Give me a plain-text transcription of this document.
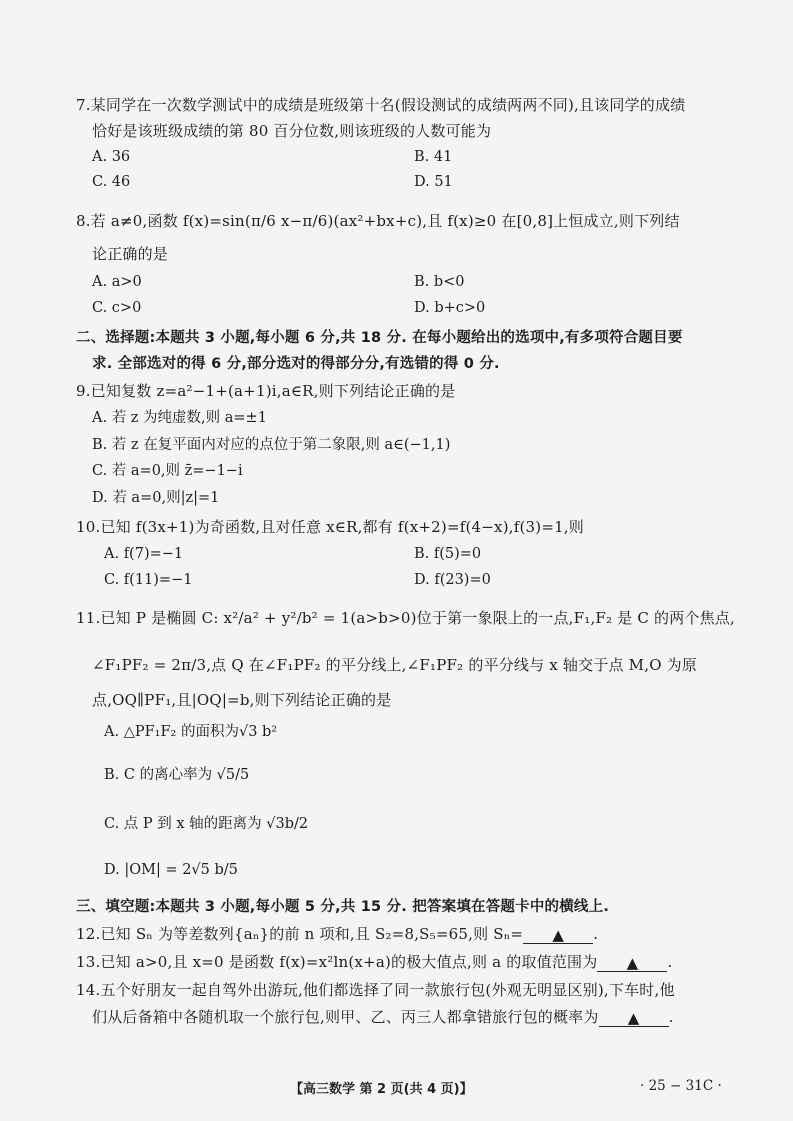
7.某同学在一次数学测试中的成绩是班级第十名(假设测试的成绩两两不同),且该同学的成绩
恰好是该班级成绩的第 80 百分位数,则该班级的人数可能为
A. 36	B. 41
C. 46	D. 51
8.若 a≠0,函数 f(x)=sin(π/6 x−π/6)(ax²+bx+c),且 f(x)≥0 在[0,8]上恒成立,则下列结
论正确的是
A. a>0	B. b<0
C. c>0	D. b+c>0
二、选择题:本题共 3 小题,每小题 6 分,共 18 分. 在每小题给出的选项中,有多项符合题目要
求. 全部选对的得 6 分,部分选对的得部分分,有选错的得 0 分.
9.已知复数 z=a²−1+(a+1)i,a∈R,则下列结论正确的是
A. 若 z 为纯虚数,则 a=±1
B. 若 z 在复平面内对应的点位于第二象限,则 a∈(−1,1)
C. 若 a=0,则 z̄=−1−i
D. 若 a=0,则|z|=1
10.已知 f(3x+1)为奇函数,且对任意 x∈R,都有 f(x+2)=f(4−x),f(3)=1,则
A. f(7)=−1	B. f(5)=0
C. f(11)=−1	D. f(23)=0
11.已知 P 是椭圆 C: x²/a² + y²/b² = 1(a>b>0)位于第一象限上的一点,F₁,F₂ 是 C 的两个焦点,
∠F₁PF₂ = 2π/3,点 Q 在∠F₁PF₂ 的平分线上,∠F₁PF₂ 的平分线与 x 轴交于点 M,O 为原
点,OQ∥PF₁,且|OQ|=b,则下列结论正确的是
A. △PF₁F₂ 的面积为√3 b²
B. C 的离心率为 √5/5
C. 点 P 到 x 轴的距离为 √3b/2
D. |OM| = 2√5 b/5
三、填空题:本题共 3 小题,每小题 5 分,共 15 分. 把答案填在答题卡中的横线上.
12.已知 Sₙ 为等差数列{aₙ}的前 n 项和,且 S₂=8,S₅=65,则 Sₙ= ▲ .
13.已知 a>0,且 x=0 是函数 f(x)=x²ln(x+a)的极大值点,则 a 的取值范围为 ▲ .
14.五个好朋友一起自驾外出游玩,他们都选择了同一款旅行包(外观无明显区别),下车时,他
们从后备箱中各随机取一个旅行包,则甲、乙、丙三人都拿错旅行包的概率为 ▲ .
【高三数学 第 2 页(共 4 页)】	· 25 − 31C ·
